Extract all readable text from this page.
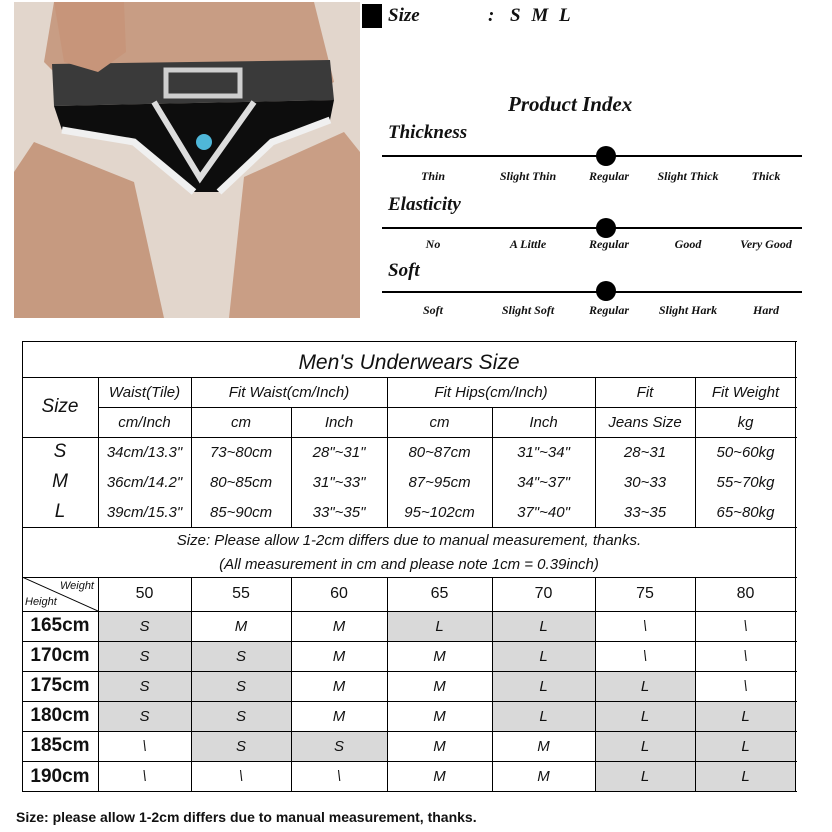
Size	: S M L
Product Index
Thickness
Thin	Slight Thin	Regular	Slight Thick	Thick
Elasticity
No	A Little	Regular	Good	Very Good
Soft
Soft	Slight Soft	Regular	Slight Hark	Hard
Men's Underwears Size
Size
Waist(Tile)	Fit Waist(cm/Inch)	Fit Hips(cm/Inch)	Fit	Fit Weight
cm/Inch	cm	Inch	cm	Inch	Jeans Size	kg
S	34cm/13.3"	73~80cm	28"~31"	80~87cm	31"~34"	28~31	50~60kg
M	36cm/14.2"	80~85cm	31"~33"	87~95cm	34"~37"	30~33	55~70kg
L	39cm/15.3"	85~90cm	33"~35"	95~102cm	37"~40"	33~35	65~80kg
Size: Please allow 1-2cm differs due to manual measurement, thanks.
(All measurement in cm and please note 1cm = 0.39inch)
Weight
Height	50	55	60	65	70	75	80
165cm	S	M	M	L	L	\	\
170cm	S	S	M	M	L	\	\
175cm	S	S	M	M	L	L	\
180cm	S	S	M	M	L	L	L
185cm	\	S	S	M	M	L	L
190cm	\	\	\	M	M	L	L
Size: please allow 1-2cm differs due to manual measurement, thanks.
